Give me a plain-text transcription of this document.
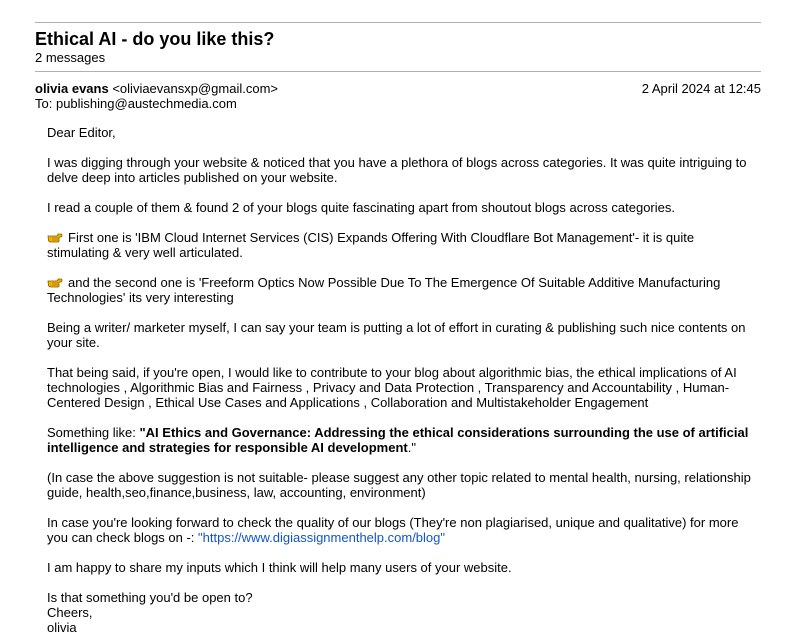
Ethical AI - do you like this?
2 messages
olivia evans <oliviaevansxp@gmail.com>	2 April 2024 at 12:45
To: publishing@austechmedia.com

Dear Editor,

I was digging through your website & noticed that you have a plethora of blogs across categories. It was quite intriguing to delve deep into articles published on your website.

I read a couple of them & found 2 of your blogs quite fascinating apart from shoutout blogs across categories.

First one is 'IBM Cloud Internet Services (CIS) Expands Offering With Cloudflare Bot Management'- it is quite stimulating & very well articulated.

and the second one is 'Freeform Optics Now Possible Due To The Emergence Of Suitable Additive Manufacturing Technologies' its very interesting

Being a writer/ marketer myself, I can say your team is putting a lot of effort in curating & publishing such nice contents on your site.

That being said, if you're open, I would like to contribute to your blog about algorithmic bias, the ethical implications of AI technologies , Algorithmic Bias and Fairness , Privacy and Data Protection , Transparency and Accountability , Human-Centered Design , Ethical Use Cases and Applications , Collaboration and Multistakeholder Engagement

Something like: "AI Ethics and Governance: Addressing the ethical considerations surrounding the use of artificial intelligence and strategies for responsible AI development."

(In case the above suggestion is not suitable- please suggest any other topic related to mental health, nursing, relationship guide, health,seo,finance,business, law, accounting, environment)

In case you're looking forward to check the quality of our blogs (They're non plagiarised, unique and qualitative) for more you can check blogs on -: "https://www.digiassignmenthelp.com/blog"

I am happy to share my inputs which I think will help many users of your website.

Is that something you'd be open to?
Cheers,
olivia
